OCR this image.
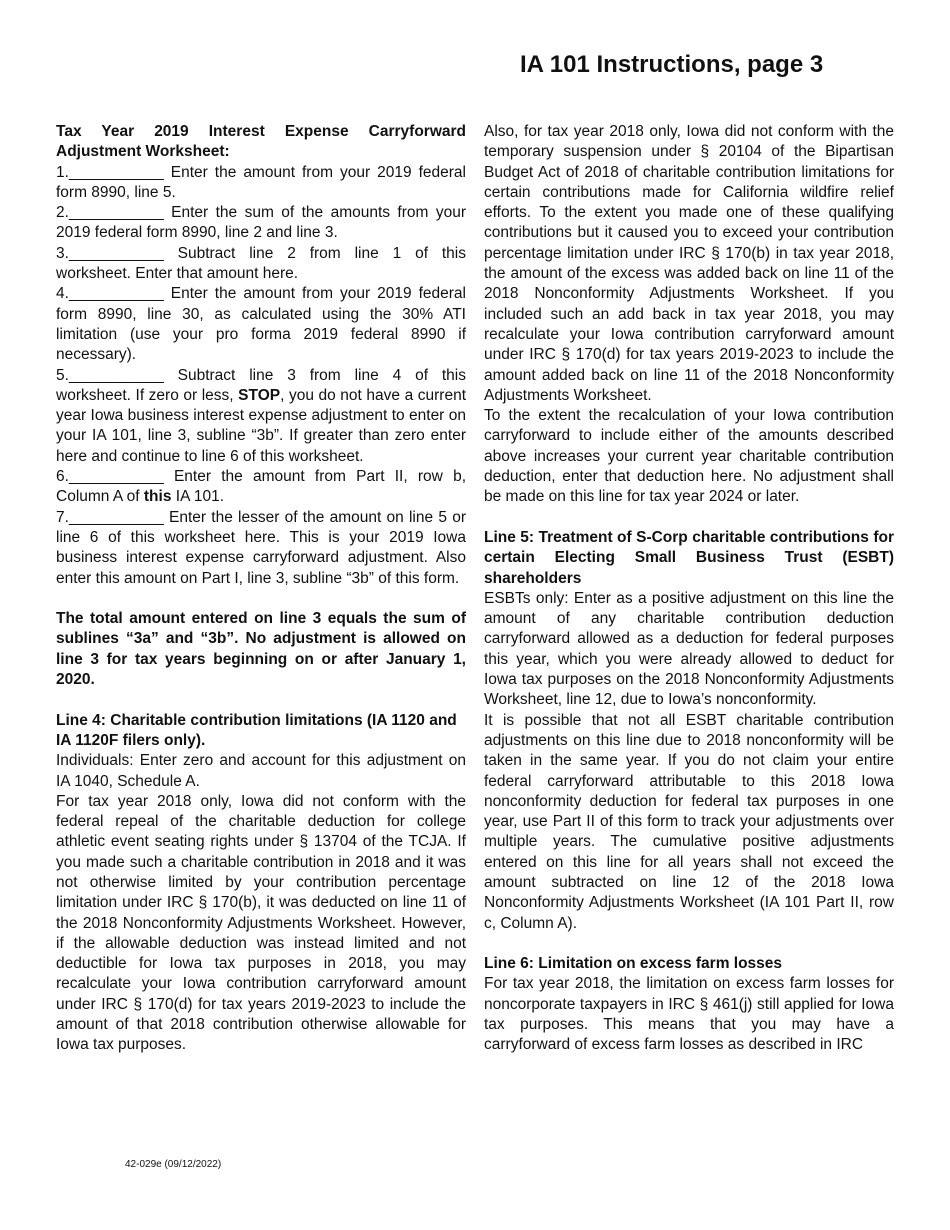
IA 101 Instructions, page 3

Tax Year 2019 Interest Expense Carryforward Adjustment Worksheet:

1.___________ Enter the amount from your 2019 federal form 8990, line 5.

2.___________ Enter the sum of the amounts from your 2019 federal form 8990, line 2 and line 3.

3.___________ Subtract line 2 from line 1 of this worksheet. Enter that amount here.

4.___________ Enter the amount from your 2019 federal form 8990, line 30, as calculated using the 30% ATI limitation (use your pro forma 2019 federal 8990 if necessary).

5.___________ Subtract line 3 from line 4 of this worksheet. If zero or less, STOP, you do not have a current year Iowa business interest expense adjustment to enter on your IA 101, line 3, subline “3b”. If greater than zero enter here and continue to line 6 of this worksheet.

6.___________ Enter the amount from Part II, row b, Column A of this IA 101.

7.___________ Enter the lesser of the amount on line 5 or line 6 of this worksheet here. This is your 2019 Iowa business interest expense carryforward adjustment. Also enter this amount on Part I, line 3, subline “3b” of this form.

The total amount entered on line 3 equals the sum of sublines “3a” and “3b”. No adjustment is allowed on line 3 for tax years beginning on or after January 1, 2020.

Line 4: Charitable contribution limitations (IA 1120 and IA 1120F filers only).

Individuals: Enter zero and account for this adjustment on IA 1040, Schedule A.

For tax year 2018 only, Iowa did not conform with the federal repeal of the charitable deduction for college athletic event seating rights under § 13704 of the TCJA. If you made such a charitable contribution in 2018 and it was not otherwise limited by your contribution percentage limitation under IRC § 170(b), it was deducted on line 11 of the 2018 Nonconformity Adjustments Worksheet. However, if the allowable deduction was instead limited and not deductible for Iowa tax purposes in 2018, you may recalculate your Iowa contribution carryforward amount under IRC § 170(d) for tax years 2019-2023 to include the amount of that 2018 contribution otherwise allowable for Iowa tax purposes.

Also, for tax year 2018 only, Iowa did not conform with the temporary suspension under § 20104 of the Bipartisan Budget Act of 2018 of charitable contribution limitations for certain contributions made for California wildfire relief efforts. To the extent you made one of these qualifying contributions but it caused you to exceed your contribution percentage limitation under IRC § 170(b) in tax year 2018, the amount of the excess was added back on line 11 of the 2018 Nonconformity Adjustments Worksheet. If you included such an add back in tax year 2018, you may recalculate your Iowa contribution carryforward amount under IRC § 170(d) for tax years 2019-2023 to include the amount added back on line 11 of the 2018 Nonconformity Adjustments Worksheet.

To the extent the recalculation of your Iowa contribution carryforward to include either of the amounts described above increases your current year charitable contribution deduction, enter that deduction here. No adjustment shall be made on this line for tax year 2024 or later.

Line 5: Treatment of S-Corp charitable contributions for certain Electing Small Business Trust (ESBT) shareholders

ESBTs only: Enter as a positive adjustment on this line the amount of any charitable contribution deduction carryforward allowed as a deduction for federal purposes this year, which you were already allowed to deduct for Iowa tax purposes on the 2018 Nonconformity Adjustments Worksheet, line 12, due to Iowa’s nonconformity.

It is possible that not all ESBT charitable contribution adjustments on this line due to 2018 nonconformity will be taken in the same year. If you do not claim your entire federal carryforward attributable to this 2018 Iowa nonconformity deduction for federal tax purposes in one year, use Part II of this form to track your adjustments over multiple years. The cumulative positive adjustments entered on this line for all years shall not exceed the amount subtracted on line 12 of the 2018 Iowa Nonconformity Adjustments Worksheet (IA 101 Part II, row c, Column A).

Line 6: Limitation on excess farm losses

For tax year 2018, the limitation on excess farm losses for noncorporate taxpayers in IRC § 461(j) still applied for Iowa tax purposes. This means that you may have a carryforward of excess farm losses as described in IRC

42-029e (09/12/2022)
